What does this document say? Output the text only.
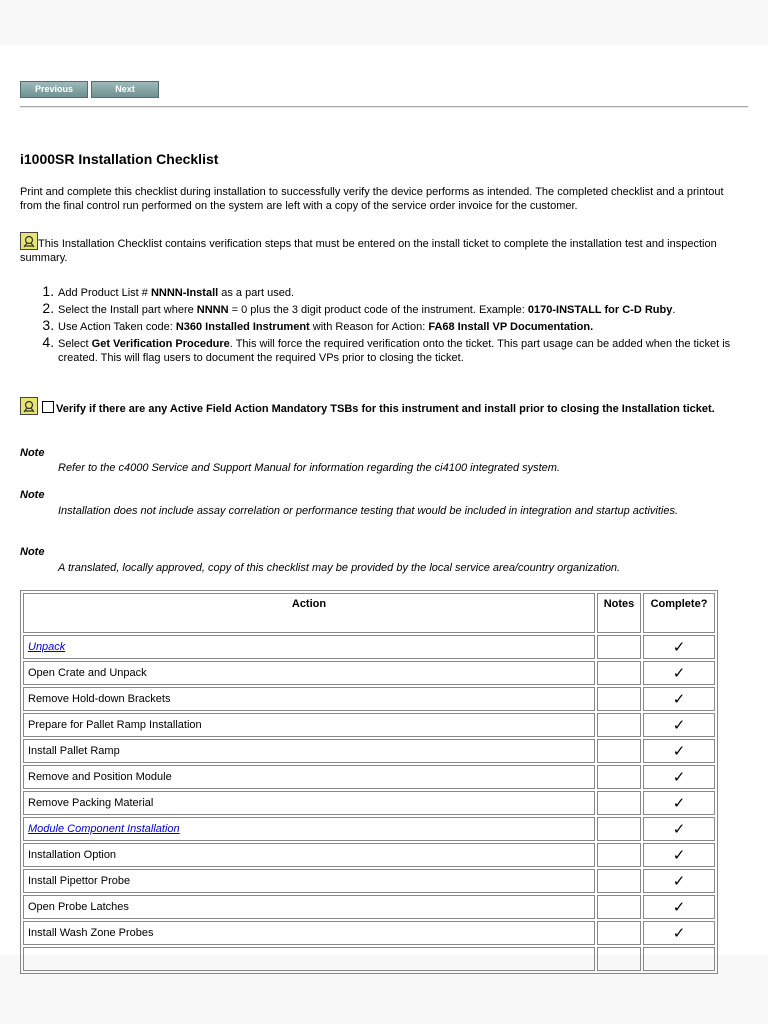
Previous	Next
i1000SR Installation Checklist

Print and complete this checklist during installation to successfully verify the device performs as intended. The completed checklist and a printout from the final control run performed on the system are left with a copy of the service order invoice for the customer.

This Installation Checklist contains verification steps that must be entered on the install ticket to complete the installation test and inspection summary.

1. Add Product List # NNNN-Install as a part used.
2. Select the Install part where NNNN = 0 plus the 3 digit product code of the instrument. Example: 0170-INSTALL for C-D Ruby.
3. Use Action Taken code: N360 Installed Instrument with Reason for Action: FA68 Install VP Documentation.
4. Select Get Verification Procedure. This will force the required verification onto the ticket. This part usage can be added when the ticket is created. This will flag users to document the required VPs prior to closing the ticket.

Verify if there are any Active Field Action Mandatory TSBs for this instrument and install prior to closing the Installation ticket.

Note

Refer to the c4000 Service and Support Manual for information regarding the ci4100 integrated system.

Note

Installation does not include assay correlation or performance testing that would be included in integration and startup activities.

Note

A translated, locally approved, copy of this checklist may be provided by the local service area/country organization.

Action	Notes	Complete?
Unpack		✓
Open Crate and Unpack		✓
Remove Hold-down Brackets		✓
Prepare for Pallet Ramp Installation		✓
Install Pallet Ramp		✓
Remove and Position Module		✓
Remove Packing Material		✓
Module Component Installation		✓
Installation Option		✓
Install Pipettor Probe		✓
Open Probe Latches		✓
Install Wash Zone Probes		✓
